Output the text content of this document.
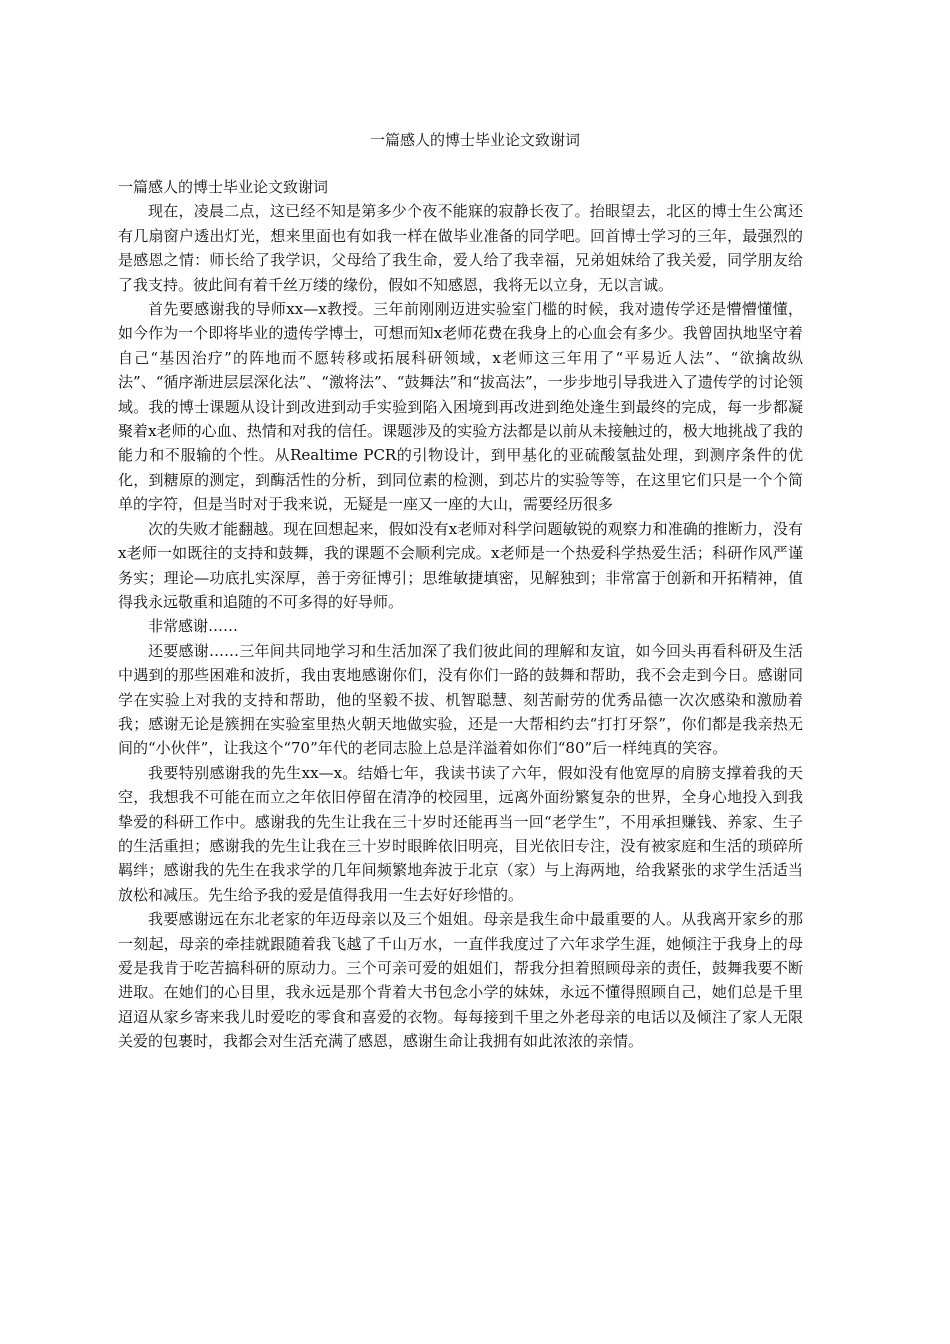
一篇感人的博士毕业论文致谢词

一篇感人的博士毕业论文致谢词

现在，凌晨二点，这已经不知是第多少个夜不能寐的寂静长夜了。抬眼望去，北区的博士生公寓还有几扇窗户透出灯光，想来里面也有如我一样在做毕业准备的同学吧。回首博士学习的三年，最强烈的是感恩之情：师长给了我学识，父母给了我生命，爱人给了我幸福，兄弟姐妹给了我关爱，同学朋友给了我支持。彼此间有着千丝万缕的缘份，假如不知感恩，我将无以立身，无以言诚。

首先要感谢我的导师xx—x教授。三年前刚刚迈进实验室门槛的时候，我对遗传学还是懵懵懂懂，如今作为一个即将毕业的遗传学博士，可想而知x老师花费在我身上的心血会有多少。我曾固执地坚守着自己“基因治疗”的阵地而不愿转移或拓展科研领域，x老师这三年用了“平易近人法”、“欲擒故纵法”、“循序渐进层层深化法”、“激将法”、“鼓舞法”和“拔高法”，一步步地引导我进入了遗传学的讨论领域。我的博士课题从设计到改进到动手实验到陷入困境到再改进到绝处逢生到最终的完成，每一步都凝聚着x老师的心血、热情和对我的信任。课题涉及的实验方法都是以前从未接触过的，极大地挑战了我的能力和不服输的个性。从Realtime PCR的引物设计，到甲基化的亚硫酸氢盐处理，到测序条件的优化，到糖原的测定，到酶活性的分析，到同位素的检测，到芯片的实验等等，在这里它们只是一个个简单的字符，但是当时对于我来说，无疑是一座又一座的大山，需要经历很多

次的失败才能翻越。现在回想起来，假如没有x老师对科学问题敏锐的观察力和准确的推断力，没有x老师一如既往的支持和鼓舞，我的课题不会顺利完成。x老师是一个热爱科学热爱生活；科研作风严谨务实；理论—功底扎实深厚，善于旁征博引；思维敏捷填密，见解独到；非常富于创新和开拓精神，值得我永远敬重和追随的不可多得的好导师。

非常感谢……

还要感谢……三年间共同地学习和生活加深了我们彼此间的理解和友谊，如今回头再看科研及生活中遇到的那些困难和波折，我由衷地感谢你们，没有你们一路的鼓舞和帮助，我不会走到今日。感谢同学在实验上对我的支持和帮助，他的坚毅不拔、机智聪慧、刻苦耐劳的优秀品德一次次感染和激励着我；感谢无论是簇拥在实验室里热火朝天地做实验，还是一大帮相约去“打打牙祭”，你们都是我亲热无间的“小伙伴”，让我这个“70”年代的老同志脸上总是洋溢着如你们“80”后一样纯真的笑容。

我要特别感谢我的先生xx—x。结婚七年，我读书读了六年，假如没有他宽厚的肩膀支撑着我的天空，我想我不可能在而立之年依旧停留在清净的校园里，远离外面纷繁复杂的世界，全身心地投入到我挚爱的科研工作中。感谢我的先生让我在三十岁时还能再当一回“老学生”，不用承担赚钱、养家、生子的生活重担；感谢我的先生让我在三十岁时眼眸依旧明亮，目光依旧专注，没有被家庭和生活的琐碎所羁绊；感谢我的先生在我求学的几年间频繁地奔波于北京（家）与上海两地，给我紧张的求学生活适当放松和减压。先生给予我的爱是值得我用一生去好好珍惜的。

我要感谢远在东北老家的年迈母亲以及三个姐姐。母亲是我生命中最重要的人。从我离开家乡的那一刻起，母亲的牵挂就跟随着我飞越了千山万水，一直伴我度过了六年求学生涯，她倾注于我身上的母爱是我肯于吃苦搞科研的原动力。三个可亲可爱的姐姐们，帮我分担着照顾母亲的责任，鼓舞我要不断进取。在她们的心目里，我永远是那个背着大书包念小学的妹妹，永远不懂得照顾自己，她们总是千里迢迢从家乡寄来我儿时爱吃的零食和喜爱的衣物。每每接到千里之外老母亲的电话以及倾注了家人无限关爱的包裹时，我都会对生活充满了感恩，感谢生命让我拥有如此浓浓的亲情。
